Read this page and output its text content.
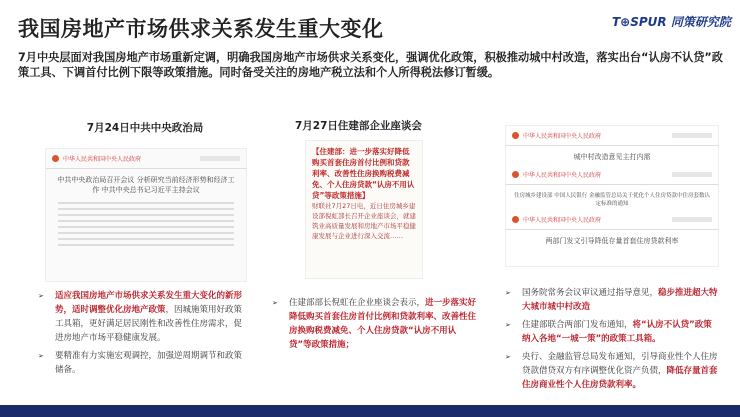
我国房地产市场供求关系发生重大变化	T⊕SPUR 同策研究院
7月中央层面对我国房地产市场重新定调，明确我国房地产市场供求关系变化，强调优化政策，积极推动城中村改造，落实出台“认房不认贷”政策工具、下调首付比例下限等政策措施。同时备受关注的房地产税立法和个人所得税法修订暂缓。
7月24日中共中央政治局
中华人民共和国中央人民政府
中共中央政治局召开会议 分析研究当前经济形势和经济工作 中共中央总书记习近平主持会议
➢ 适应我国房地产市场供求关系发生重大变化的新形势，适时调整优化房地产政策，因城施策用好政策工具箱，更好满足居民刚性和改善性住房需求，促进房地产市场平稳健康发展。
➢ 要精准有力实施宏观调控，加强逆周期调节和政策储备。
7月27日住建部企业座谈会
【住建部：进一步落实好降低购买首套住房首付比例和贷款利率、改善性住房换购税费减免、个人住房贷款“认房不用认贷”等政策措施】
财联社7月27日电，近日住房城乡建设部倪虹部长召开企业座谈会，就建筑业高质量发展和房地产市场平稳健康发展与企业进行深入交流……
➢ 住建部部长倪虹在企业座谈会表示，进一步落实好降低购买首套住房首付比例和贷款利率、改善性住房换购税费减免、个人住房贷款“认房不用认贷”等政策措施；
中华人民共和国中央人民政府
城中村改造意见主打内需
中华人民共和国中央人民政府
住房城乡建设部 中国人民银行 金融监管总局关于优化个人住房贷款中住房套数认定标准的通知
中华人民共和国中央人民政府
两部门发文引导降低存量首套住房贷款利率
➢ 国务院常务会议审议通过指导意见，稳步推进超大特大城市城中村改造
➢ 住建部联合两部门发布通知，将“认房不认贷”政策纳入各地“一城一策”的政策工具箱。
➢ 央行、金融监管总局发布通知，引导商业性个人住房贷款借贷双方有序调整优化资产负债，降低存量首套住房商业性个人住房贷款利率。
